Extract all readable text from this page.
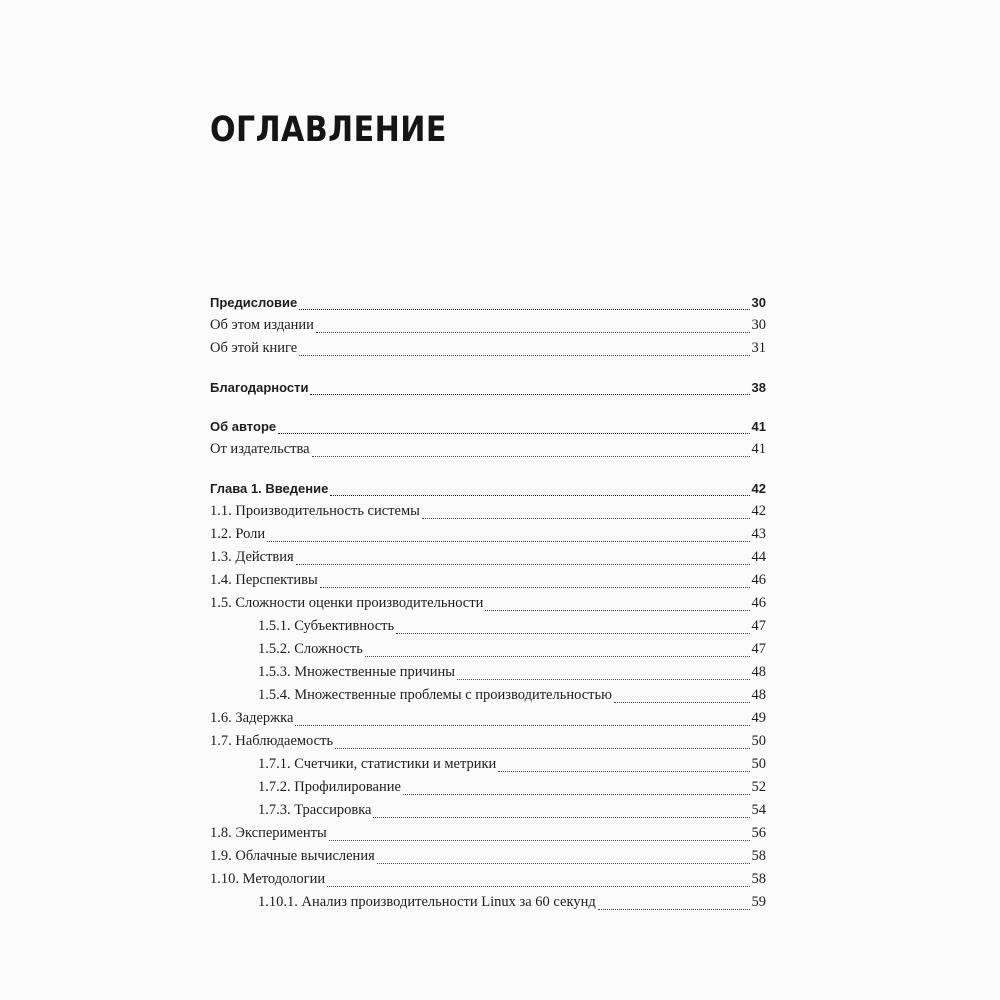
ОГЛАВЛЕНИЕ
Предисловие	30
Об этом издании	30
Об этой книге	31
Благодарности	38
Об авторе	41
От издательства	41
Глава 1. Введение	42
1.1. Производительность системы	42
1.2. Роли	43
1.3. Действия	44
1.4. Перспективы	46
1.5. Сложности оценки производительности	46
1.5.1. Субъективность	47
1.5.2. Сложность	47
1.5.3. Множественные причины	48
1.5.4. Множественные проблемы с производительностью	48
1.6. Задержка	49
1.7. Наблюдаемость	50
1.7.1. Счетчики, статистики и метрики	50
1.7.2. Профилирование	52
1.7.3. Трассировка	54
1.8. Эксперименты	56
1.9. Облачные вычисления	58
1.10. Методологии	58
1.10.1. Анализ производительности Linux за 60 секунд	59
